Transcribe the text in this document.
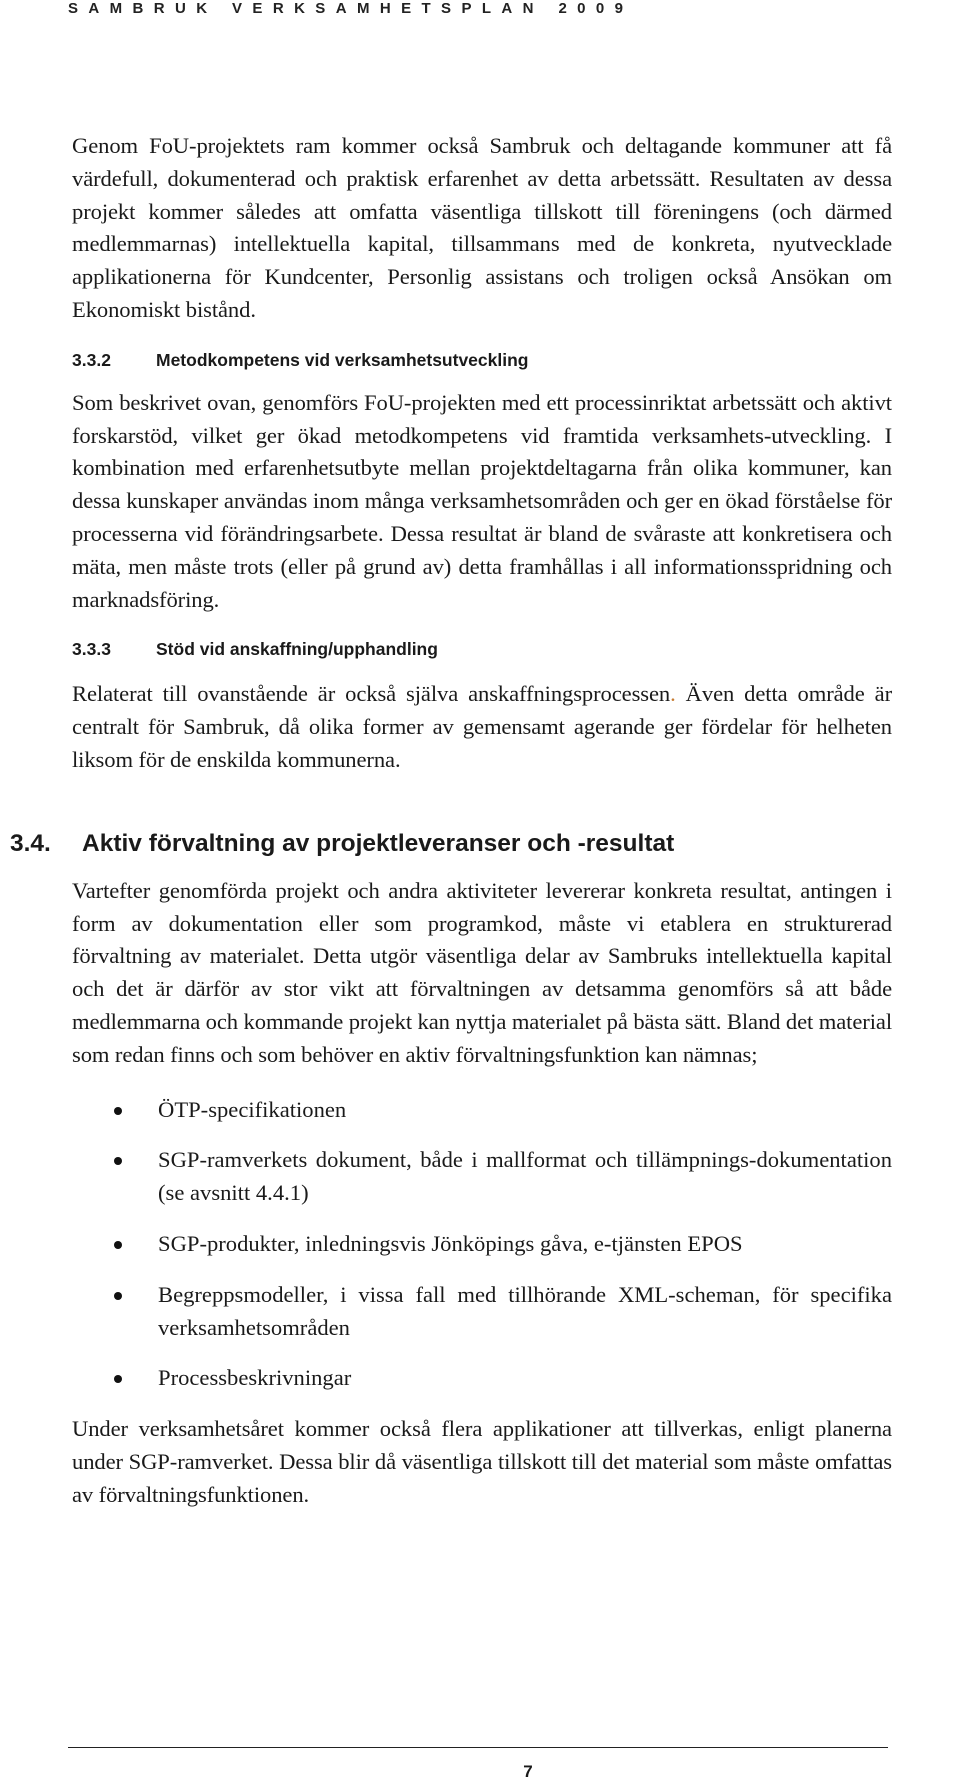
SAMBRUK VERKSAMHETSPLAN 2009

Genom FoU-projektets ram kommer också Sambruk och deltagande kommuner att få värdefull, dokumenterad och praktisk erfarenhet av detta arbetssätt. Resultaten av dessa projekt kommer således att omfatta väsentliga tillskott till föreningens (och därmed medlemmarnas) intellektuella kapital, tillsammans med de konkreta, nyutvecklade applikationerna för Kundcenter, Personlig assistans och troligen också Ansökan om Ekonomiskt bistånd.

3.3.2	Metodkompetens vid verksamhetsutveckling

Som beskrivet ovan, genomförs FoU-projekten med ett processinriktat arbetssätt och aktivt forskarstöd, vilket ger ökad metodkompetens vid framtida verksamhets-utveckling. I kombination med erfarenhetsutbyte mellan projektdeltagarna från olika kommuner, kan dessa kunskaper användas inom många verksamhetsområden och ger en ökad förståelse för processerna vid förändringsarbete. Dessa resultat är bland de svåraste att konkretisera och mäta, men måste trots (eller på grund av) detta framhållas i all informationsspridning och marknadsföring.

3.3.3	Stöd vid anskaffning/upphandling

Relaterat till ovanstående är också själva anskaffningsprocessen. Även detta område är centralt för Sambruk, då olika former av gemensamt agerande ger fördelar för helheten liksom för de enskilda kommunerna.

3.4.	Aktiv förvaltning av projektleveranser och -resultat

Vartefter genomförda projekt och andra aktiviteter levererar konkreta resultat, antingen i form av dokumentation eller som programkod, måste vi etablera en strukturerad förvaltning av materialet. Detta utgör väsentliga delar av Sambruks intellektuella kapital och det är därför av stor vikt att förvaltningen av detsamma genomförs så att både medlemmarna och kommande projekt kan nyttja materialet på bästa sätt. Bland det material som redan finns och som behöver en aktiv förvaltningsfunktion kan nämnas;

ÖTP-specifikationen
SGP-ramverkets dokument, både i mallformat och tillämpnings-dokumentation (se avsnitt 4.4.1)
SGP-produkter, inledningsvis Jönköpings gåva, e-tjänsten EPOS
Begreppsmodeller, i vissa fall med tillhörande XML-scheman, för specifika verksamhetsområden
Processbeskrivningar

Under verksamhetsåret kommer också flera applikationer att tillverkas, enligt planerna under SGP-ramverket. Dessa blir då väsentliga tillskott till det material som måste omfattas av förvaltningsfunktionen.

7
